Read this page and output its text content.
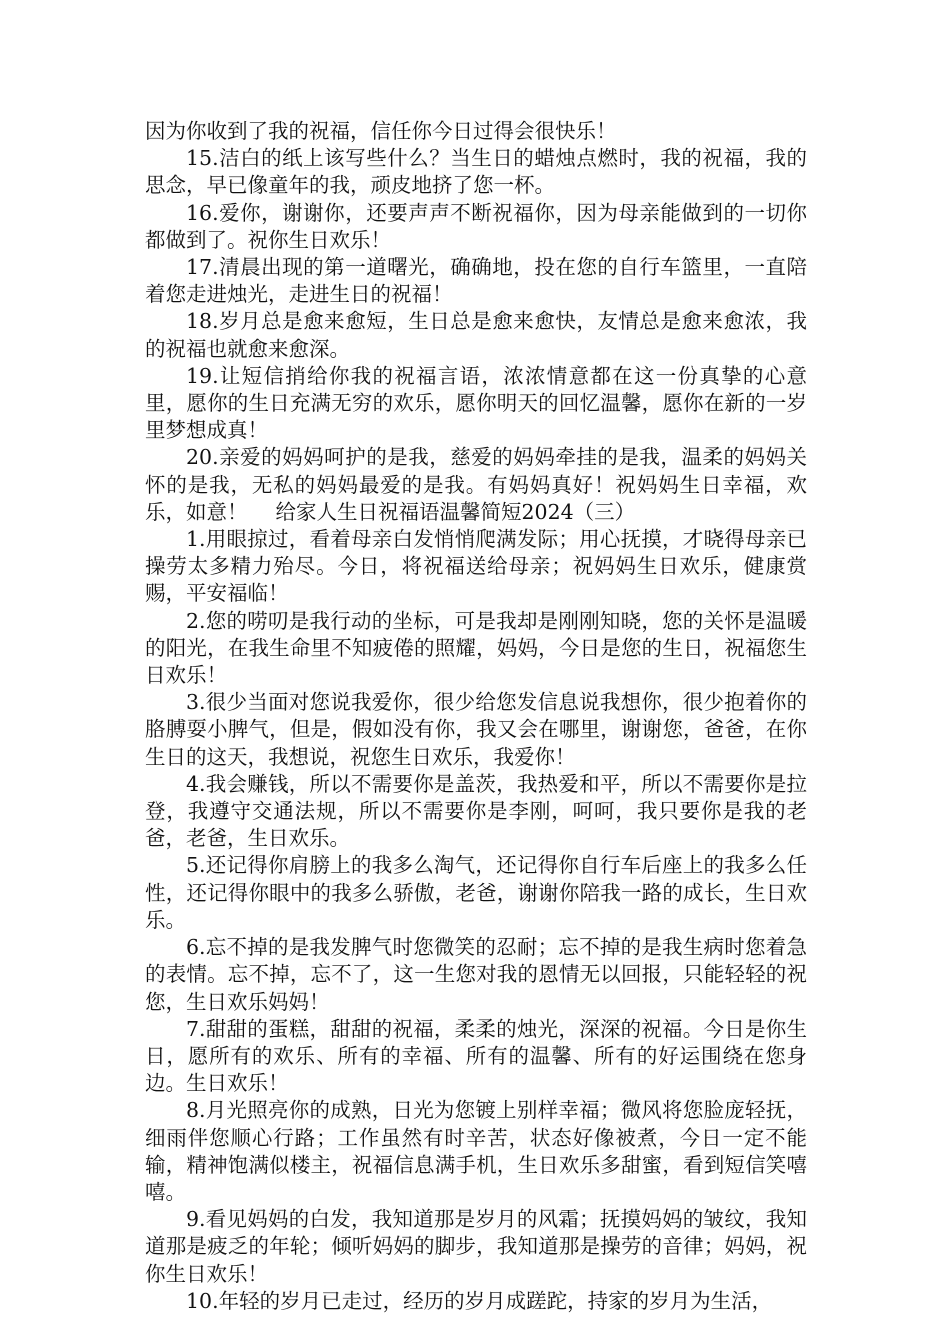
因为你收到了我的祝福，信任你今日过得会很快乐！

15.洁白的纸上该写些什么？当生日的蜡烛点燃时，我的祝福，我的思念，早已像童年的我，顽皮地挤了您一杯。

16.爱你，谢谢你，还要声声不断祝福你，因为母亲能做到的一切你都做到了。祝你生日欢乐！

17.清晨出现的第一道曙光，确确地，投在您的自行车篮里，一直陪着您走进烛光，走进生日的祝福！

18.岁月总是愈来愈短，生日总是愈来愈快，友情总是愈来愈浓，我的祝福也就愈来愈深。

19.让短信捎给你我的祝福言语，浓浓情意都在这一份真挚的心意里，愿你的生日充满无穷的欢乐，愿你明天的回忆温馨，愿你在新的一岁里梦想成真！

20.亲爱的妈妈呵护的是我，慈爱的妈妈牵挂的是我，温柔的妈妈关怀的是我，无私的妈妈最爱的是我。有妈妈真好！祝妈妈生日幸福，欢乐，如意！ 给家人生日祝福语温馨简短2024（三）

1.用眼掠过，看着母亲白发悄悄爬满发际；用心抚摸，才晓得母亲已操劳太多精力殆尽。今日，将祝福送给母亲；祝妈妈生日欢乐，健康赏赐，平安福临！

2.您的唠叨是我行动的坐标，可是我却是刚刚知晓，您的关怀是温暖的阳光，在我生命里不知疲倦的照耀，妈妈，今日是您的生日，祝福您生日欢乐！

3.很少当面对您说我爱你，很少给您发信息说我想你，很少抱着你的胳膊耍小脾气，但是，假如没有你，我又会在哪里，谢谢您，爸爸，在你生日的这天，我想说，祝您生日欢乐，我爱你！

4.我会赚钱，所以不需要你是盖茨，我热爱和平，所以不需要你是拉登，我遵守交通法规，所以不需要你是李刚，呵呵，我只要你是我的老爸，老爸，生日欢乐。

5.还记得你肩膀上的我多么淘气，还记得你自行车后座上的我多么任性，还记得你眼中的我多么骄傲，老爸，谢谢你陪我一路的成长，生日欢乐。

6.忘不掉的是我发脾气时您微笑的忍耐；忘不掉的是我生病时您着急的表情。忘不掉，忘不了，这一生您对我的恩情无以回报，只能轻轻的祝您，生日欢乐妈妈！

7.甜甜的蛋糕，甜甜的祝福，柔柔的烛光，深深的祝福。今日是你生日，愿所有的欢乐、所有的幸福、所有的温馨、所有的好运围绕在您身边。生日欢乐！

8.月光照亮你的成熟，日光为您镀上别样幸福；微风将您脸庞轻抚，细雨伴您顺心行路；工作虽然有时辛苦，状态好像被煮，今日一定不能输，精神饱满似楼主，祝福信息满手机，生日欢乐多甜蜜，看到短信笑嘻嘻。

9.看见妈妈的白发，我知道那是岁月的风霜；抚摸妈妈的皱纹，我知道那是疲乏的年轮；倾听妈妈的脚步，我知道那是操劳的音律；妈妈，祝你生日欢乐！

10.年轻的岁月已走过，经历的岁月成蹉跎，持家的岁月为生活，
